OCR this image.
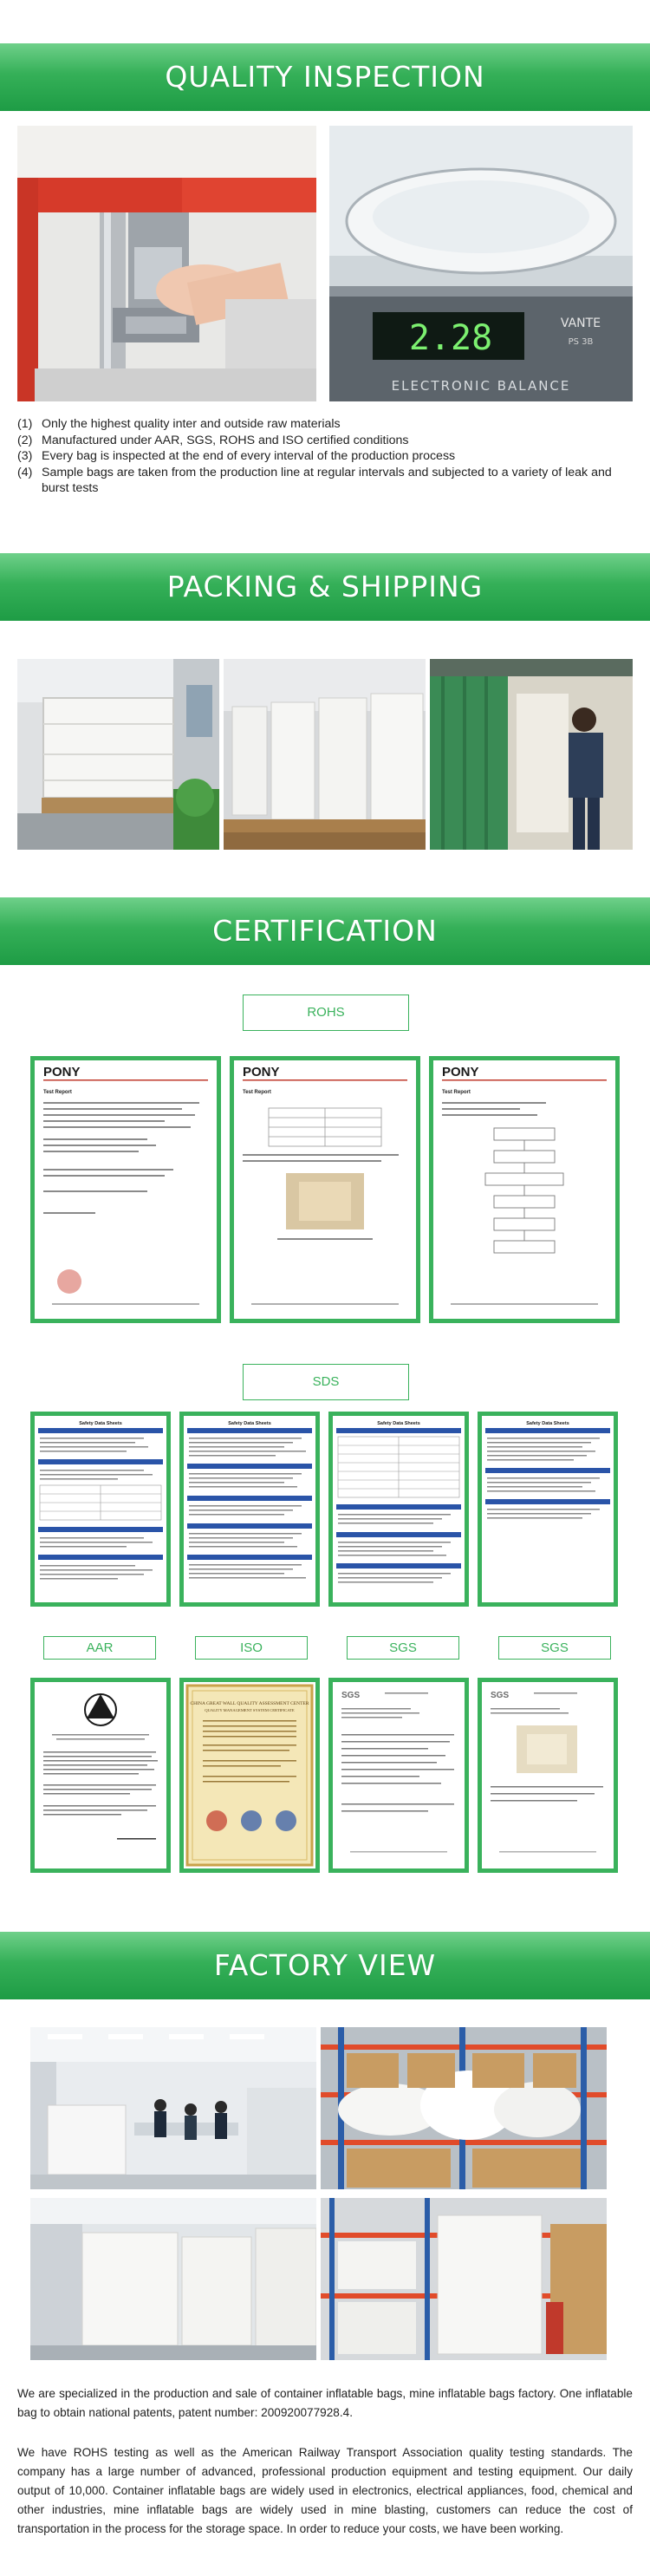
QUALITY INSPECTION
2.28	VANTE
PS 3B
ELECTRONIC BALANCE
(1) Only the highest quality inter and outside raw materials
(2) Manufactured under AAR, SGS, ROHS and ISO certified conditions
(3) Every bag is inspected at the end of every interval of the production process
(4) Sample bags are taken from the production line at regular intervals and subjected to a variety of leak and burst tests
PACKING & SHIPPING
CERTIFICATION
ROHS
PONY
Test Report
PONY
Test Report
PONY
Test Report
SDS
Safety Data Sheets	Safety Data Sheets	Safety Data Sheets	Safety Data Sheets
AAR	ISO	SGS	SGS
CHINA GREAT WALL QUALITY ASSESSMENT CENTER
QUALITY MANAGEMENT SYSTEM CERTIFICATE
SGS	SGS
FACTORY VIEW

We are specialized in the production and sale of container inflatable bags, mine inflatable bags factory. One inflatable bag to obtain national patents, patent number: 200920077928.4.

We have ROHS testing as well as the American Railway Transport Association quality testing standards. The company has a large number of advanced, professional production equipment and testing equipment. Our daily output of 10,000. Container inflatable bags are widely used in electronics, electrical appliances, food, chemical and other industries, mine inflatable bags are widely used in mine blasting, customers can reduce the cost of transportation in the process for the storage space. In order to reduce your costs, we have been working.
